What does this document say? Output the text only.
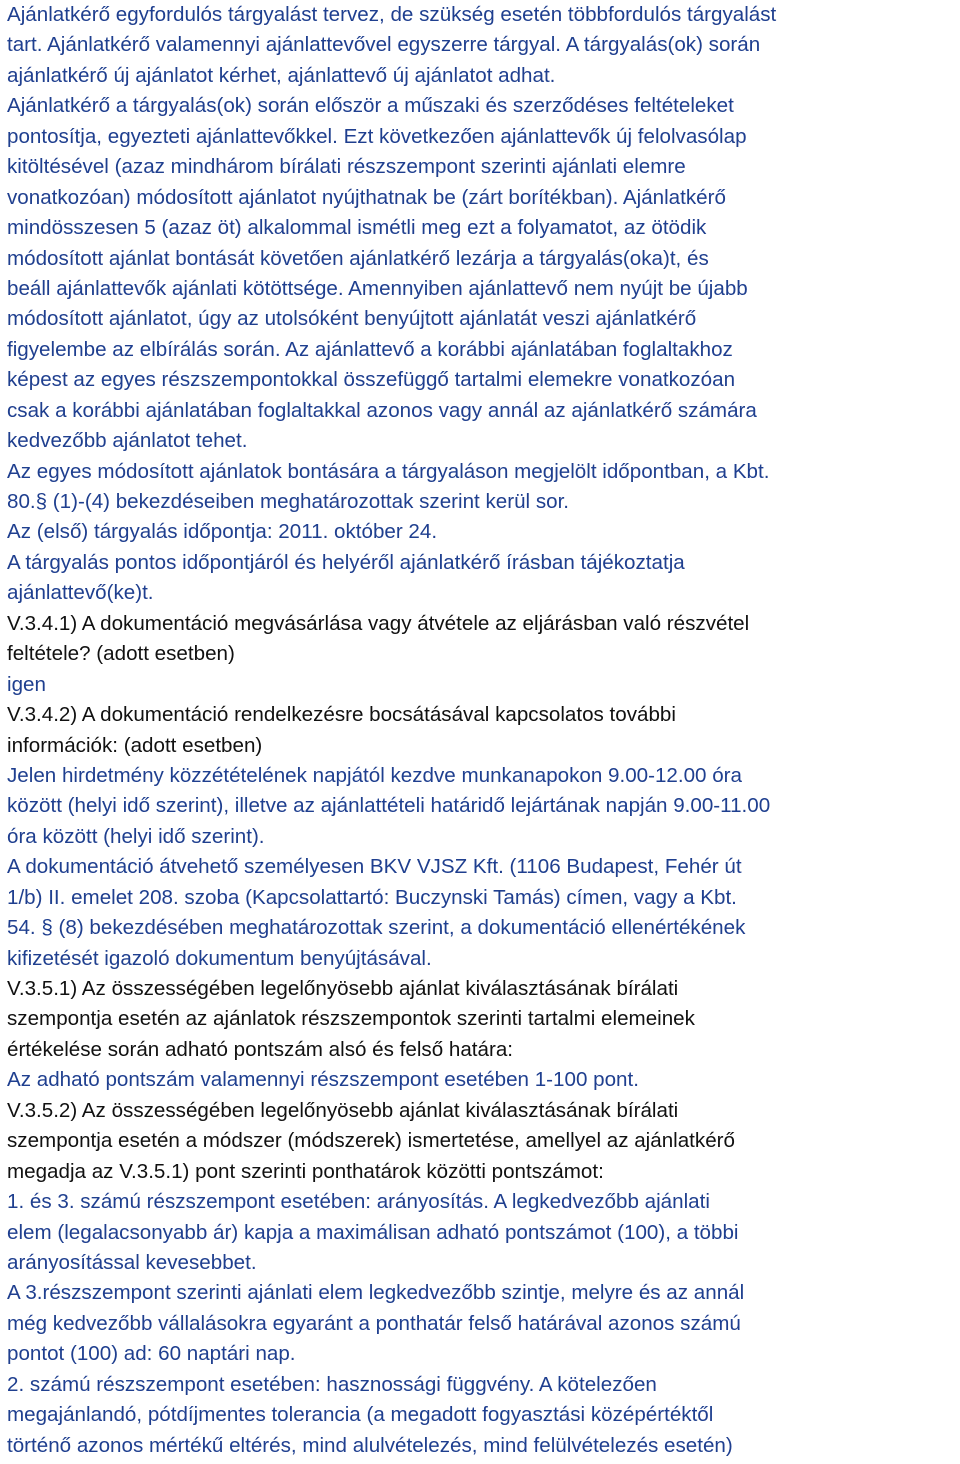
Ajánlatkérő egyfordulós tárgyalást tervez, de szükség esetén többfordulós tárgyalást
tart. Ajánlatkérő valamennyi ajánlattevővel egyszerre tárgyal. A tárgyalás(ok) során
ajánlatkérő új ajánlatot kérhet, ajánlattevő új ajánlatot adhat.
Ajánlatkérő a tárgyalás(ok) során először a műszaki és szerződéses feltételeket
pontosítja, egyezteti ajánlattevőkkel. Ezt következően ajánlattevők új felolvasólap
kitöltésével (azaz mindhárom bírálati részszempont szerinti ajánlati elemre
vonatkozóan) módosított ajánlatot nyújthatnak be (zárt borítékban). Ajánlatkérő
mindösszesen 5 (azaz öt) alkalommal ismétli meg ezt a folyamatot, az ötödik
módosított ajánlat bontását követően ajánlatkérő lezárja a tárgyalás(oka)t, és
beáll ajánlattevők ajánlati kötöttsége. Amennyiben ajánlattevő nem nyújt be újabb
módosított ajánlatot, úgy az utolsóként benyújtott ajánlatát veszi ajánlatkérő
figyelembe az elbírálás során. Az ajánlattevő a korábbi ajánlatában foglaltakhoz
képest az egyes részszempontokkal összefüggő tartalmi elemekre vonatkozóan
csak a korábbi ajánlatában foglaltakkal azonos vagy annál az ajánlatkérő számára
kedvezőbb ajánlatot tehet.
Az egyes módosított ajánlatok bontására a tárgyaláson megjelölt időpontban, a Kbt.
80.§ (1)-(4) bekezdéseiben meghatározottak szerint kerül sor.
Az (első) tárgyalás időpontja: 2011. október 24.
A tárgyalás pontos időpontjáról és helyéről ajánlatkérő írásban tájékoztatja
ajánlattevő(ke)t.
V.3.4.1) A dokumentáció megvásárlása vagy átvétele az eljárásban való részvétel
feltétele? (adott esetben)
igen
V.3.4.2) A dokumentáció rendelkezésre bocsátásával kapcsolatos további
információk: (adott esetben)
Jelen hirdetmény közzétételének napjától kezdve munkanapokon 9.00-12.00 óra
között (helyi idő szerint), illetve az ajánlattételi határidő lejártának napján 9.00-11.00
óra között (helyi idő szerint).
A dokumentáció átvehető személyesen BKV VJSZ Kft. (1106 Budapest, Fehér út
1/b) II. emelet 208. szoba (Kapcsolattartó: Buczynski Tamás) címen, vagy a Kbt.
54. § (8) bekezdésében meghatározottak szerint, a dokumentáció ellenértékének
kifizetését igazoló dokumentum benyújtásával.
V.3.5.1) Az összességében legelőnyösebb ajánlat kiválasztásának bírálati
szempontja esetén az ajánlatok részszempontok szerinti tartalmi elemeinek
értékelése során adható pontszám alsó és felső határa:
Az adható pontszám valamennyi részszempont esetében 1-100 pont.
V.3.5.2) Az összességében legelőnyösebb ajánlat kiválasztásának bírálati
szempontja esetén a módszer (módszerek) ismertetése, amellyel az ajánlatkérő
megadja az V.3.5.1) pont szerinti ponthatárok közötti pontszámot:
1. és 3. számú részszempont esetében: arányosítás. A legkedvezőbb ajánlati
elem (legalacsonyabb ár) kapja a maximálisan adható pontszámot (100), a többi
arányosítással kevesebbet.
A 3.részszempont szerinti ajánlati elem legkedvezőbb szintje, melyre és az annál
még kedvezőbb vállalásokra egyaránt a ponthatár felső határával azonos számú
pontot (100) ad: 60 naptári nap.
2. számú részszempont esetében: hasznossági függvény. A kötelezően
megajánlandó, pótdíjmentes tolerancia (a megadott fogyasztási középértéktől
történő azonos mértékű eltérés, mind alulvételezés, mind felülvételezés esetén)
